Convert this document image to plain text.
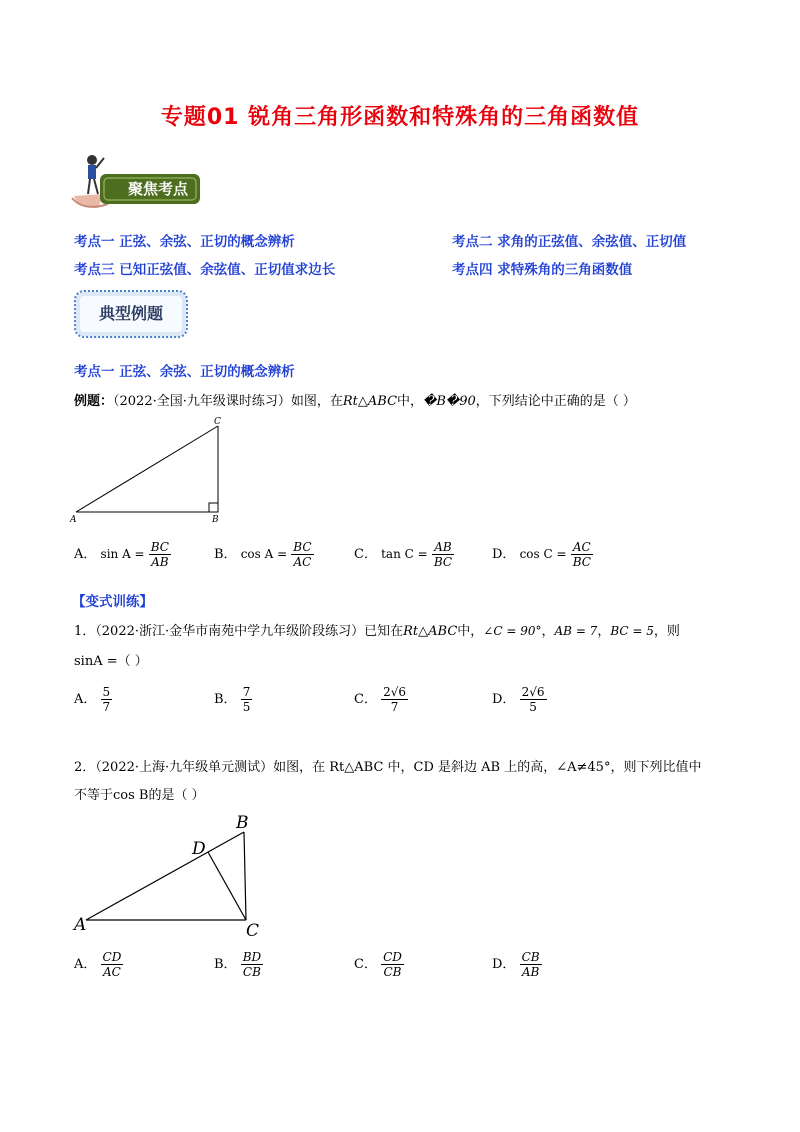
专题01 锐角三角形函数和特殊角的三角函数值
聚焦考点
考点一 正弦、余弦、正切的概念辨析	考点二 求角的正弦值、余弦值、正切值
考点三 已知正弦值、余弦值、正切值求边长	考点四 求特殊角的三角函数值
典型例题
考点一 正弦、余弦、正切的概念辨析
例题：（2022·全国·九年级课时练习）如图，在Rt△ABC中，�B�90，下列结论中正确的是（ ）
A	B
C
A． $\sin A = \frac{BC}{AB}$	B． $\cos A = \frac{BC}{AC}$	C． $\tan C = \frac{AB}{BC}$	D． $\cos C = \frac{AC}{BC}$
【变式训练】
1．（2022·浙江·金华市南苑中学九年级阶段练习）已知在Rt△ABC中，∠C = 90°，AB = 7，BC = 5，则
sinA =（ ）
A． $\frac{5}{7}$	B． $\frac{7}{5}$	C． $\frac{2√6}{7}$	D． $\frac{2√6}{5}$
2．（2022·上海·九年级单元测试）如图，在 Rt△ABC 中，CD 是斜边 AB 上的高，∠A≠45°，则下列比值中
不等于cos B的是（ ）
A
B
C
D
A． $\frac{CD}{AC}$	B． $\frac{BD}{CB}$	C． $\frac{CD}{CB}$	D． $\frac{CB}{AB}$
